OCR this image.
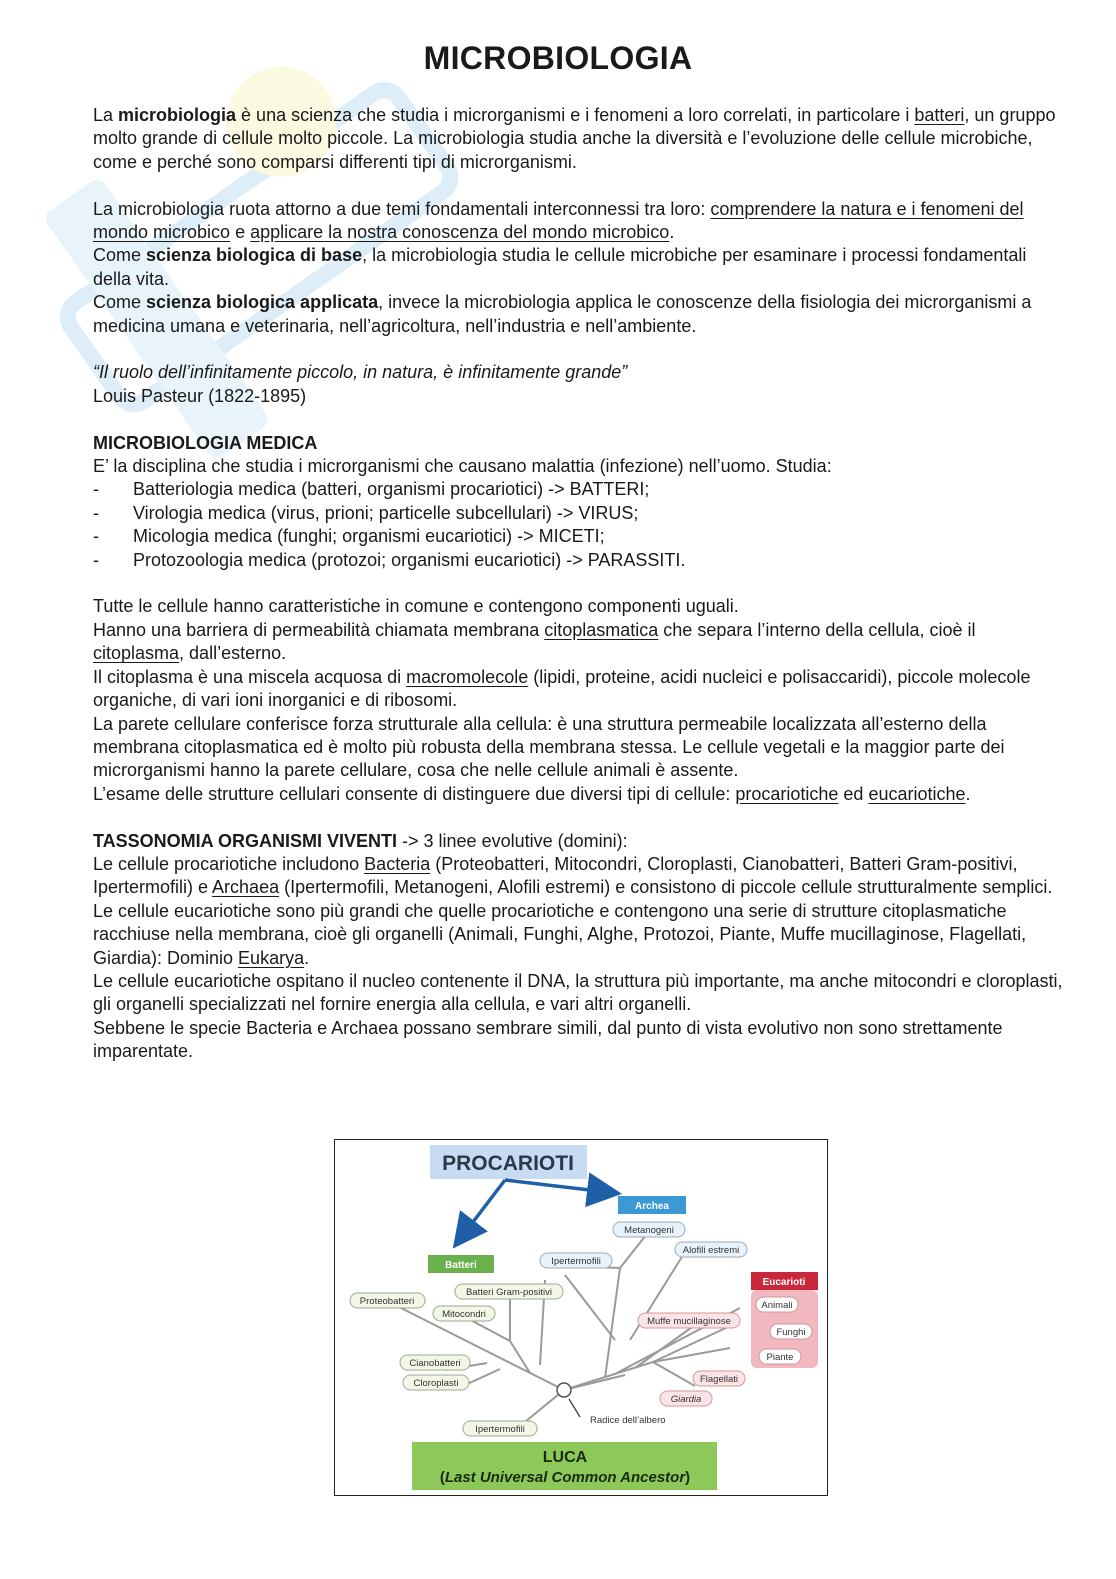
MICROBIOLOGIA

La microbiologia è una scienza che studia i microrganismi e i fenomeni a loro correlati, in particolare i batteri, un gruppo molto grande di cellule molto piccole. La microbiologia studia anche la diversità e l’evoluzione delle cellule microbiche, come e perché sono comparsi differenti tipi di microrganismi.

La microbiologia ruota attorno a due temi fondamentali interconnessi tra loro: comprendere la natura e i fenomeni del mondo microbico e applicare la nostra conoscenza del mondo microbico.

Come scienza biologica di base, la microbiologia studia le cellule microbiche per esaminare i processi fondamentali della vita.

Come scienza biologica applicata, invece la microbiologia applica le conoscenze della fisiologia dei microrganismi a medicina umana e veterinaria, nell’agricoltura, nell’industria e nell’ambiente.

“Il ruolo dell’infinitamente piccolo, in natura, è infinitamente grande”

Louis Pasteur (1822-1895)

MICROBIOLOGIA MEDICA

E’ la disciplina che studia i microrganismi che causano malattia (infezione) nell’uomo. Studia:

-	Batteriologia medica (batteri, organismi procariotici) -> BATTERI;
-	Virologia medica (virus, prioni; particelle subcellulari) -> VIRUS;
-	Micologia medica (funghi; organismi eucariotici) -> MICETI;
-	Protozoologia medica (protozoi; organismi eucariotici) -> PARASSITI.

Tutte le cellule hanno caratteristiche in comune e contengono componenti uguali.

Hanno una barriera di permeabilità chiamata membrana citoplasmatica che separa l’interno della cellula, cioè il citoplasma, dall’esterno.

Il citoplasma è una miscela acquosa di macromolecole (lipidi, proteine, acidi nucleici e polisaccaridi), piccole molecole organiche, di vari ioni inorganici e di ribosomi.

La parete cellulare conferisce forza strutturale alla cellula: è una struttura permeabile localizzata all’esterno della membrana citoplasmatica ed è molto più robusta della membrana stessa. Le cellule vegetali e la maggior parte dei microrganismi hanno la parete cellulare, cosa che nelle cellule animali è assente.

L’esame delle strutture cellulari consente di distinguere due diversi tipi di cellule: procariotiche ed eucariotiche.

TASSONOMIA ORGANISMI VIVENTI -> 3 linee evolutive (domini):

Le cellule procariotiche includono Bacteria (Proteobatteri, Mitocondri, Cloroplasti, Cianobatteri, Batteri Gram-positivi, Ipertermofili) e Archaea (Ipertermofili, Metanogeni, Alofili estremi) e consistono di piccole cellule strutturalmente semplici.

Le cellule eucariotiche sono più grandi che quelle procariotiche e contengono una serie di strutture citoplasmatiche racchiuse nella membrana, cioè gli organelli (Animali, Funghi, Alghe, Protozoi, Piante, Muffe mucillaginose, Flagellati, Giardia): Dominio Eukarya.

Le cellule eucariotiche ospitano il nucleo contenente il DNA, la struttura più importante, ma anche mitocondri e cloroplasti, gli organelli specializzati nel fornire energia alla cellula, e vari altri organelli.

Sebbene le specie Bacteria e Archaea possano sembrare simili, dal punto di vista evolutivo non sono strettamente imparentate.

PROCARIOTI
Archea
Batteri
Eucarioti
Metanogeni
Alofili estremi
Ipertermofili
Batteri Gram-positivi
Proteobatteri
Mitocondri
Cianobatteri
Cloroplasti
Ipertermofili
Muffe mucillaginose
Animali
Funghi
Piante
Flagellati
Giardia
Radice dell’albero
LUCA
(Last Universal Common Ancestor)
